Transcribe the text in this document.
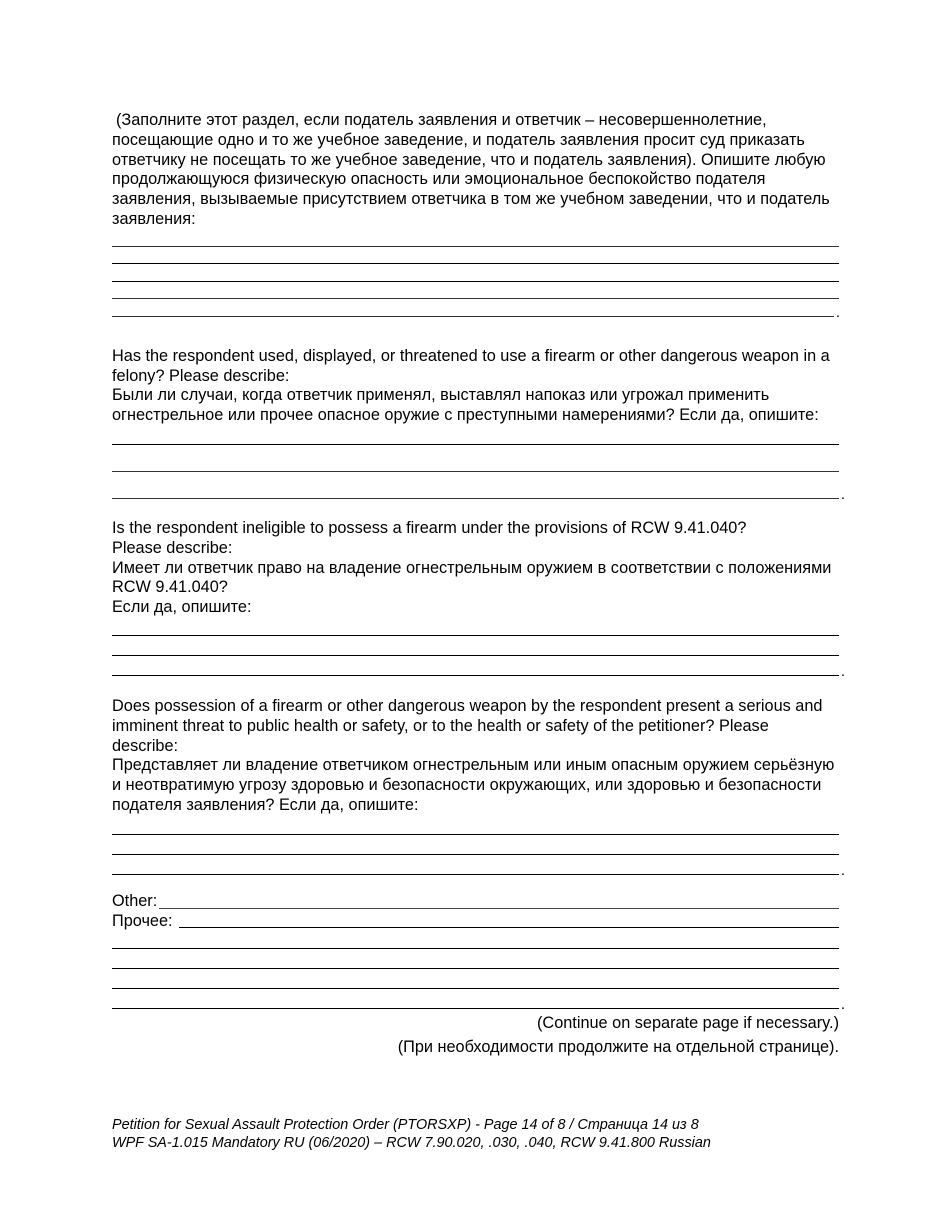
(Заполните этот раздел, если податель заявления и ответчик – несовершеннолетние, посещающие одно и то же учебное заведение, и податель заявления просит суд приказать ответчику не посещать то же учебное заведение, что и податель заявления). Опишите любую продолжающуюся физическую опасность или эмоциональное беспокойство подателя заявления, вызываемые присутствием ответчика в том же учебном заведении, что и податель заявления:

.

Has the respondent used, displayed, or threatened to use a firearm or other dangerous weapon in a felony? Please describe:

Были ли случаи, когда ответчик применял, выставлял напоказ или угрожал применить огнестрельное или прочее опасное оружие с преступными намерениями? Если да, опишите:

.

Is the respondent ineligible to possess a firearm under the provisions of RCW 9.41.040?

Please describe:

Имеет ли ответчик право на владение огнестрельным оружием в соответствии с положениями RCW 9.41.040?

Если да, опишите:

.

Does possession of a firearm or other dangerous weapon by the respondent present a serious and imminent threat to public health or safety, or to the health or safety of the petitioner? Please describe:

Представляет ли владение ответчиком огнестрельным или иным опасным оружием серьёзную и неотвратимую угрозу здоровью и безопасности окружающих, или здоровью и безопасности подателя заявления? Если да, опишите:

.
Other:
Прочее:
.
(Continue on separate page if necessary.)
(При необходимости продолжите на отдельной странице).
Petition for Sexual Assault Protection Order (PTORSXP) - Page 14 of 8 / Страница 14 из 8
WPF SA-1.015 Mandatory RU (06/2020) – RCW 7.90.020, .030, .040, RCW 9.41.800 Russian
